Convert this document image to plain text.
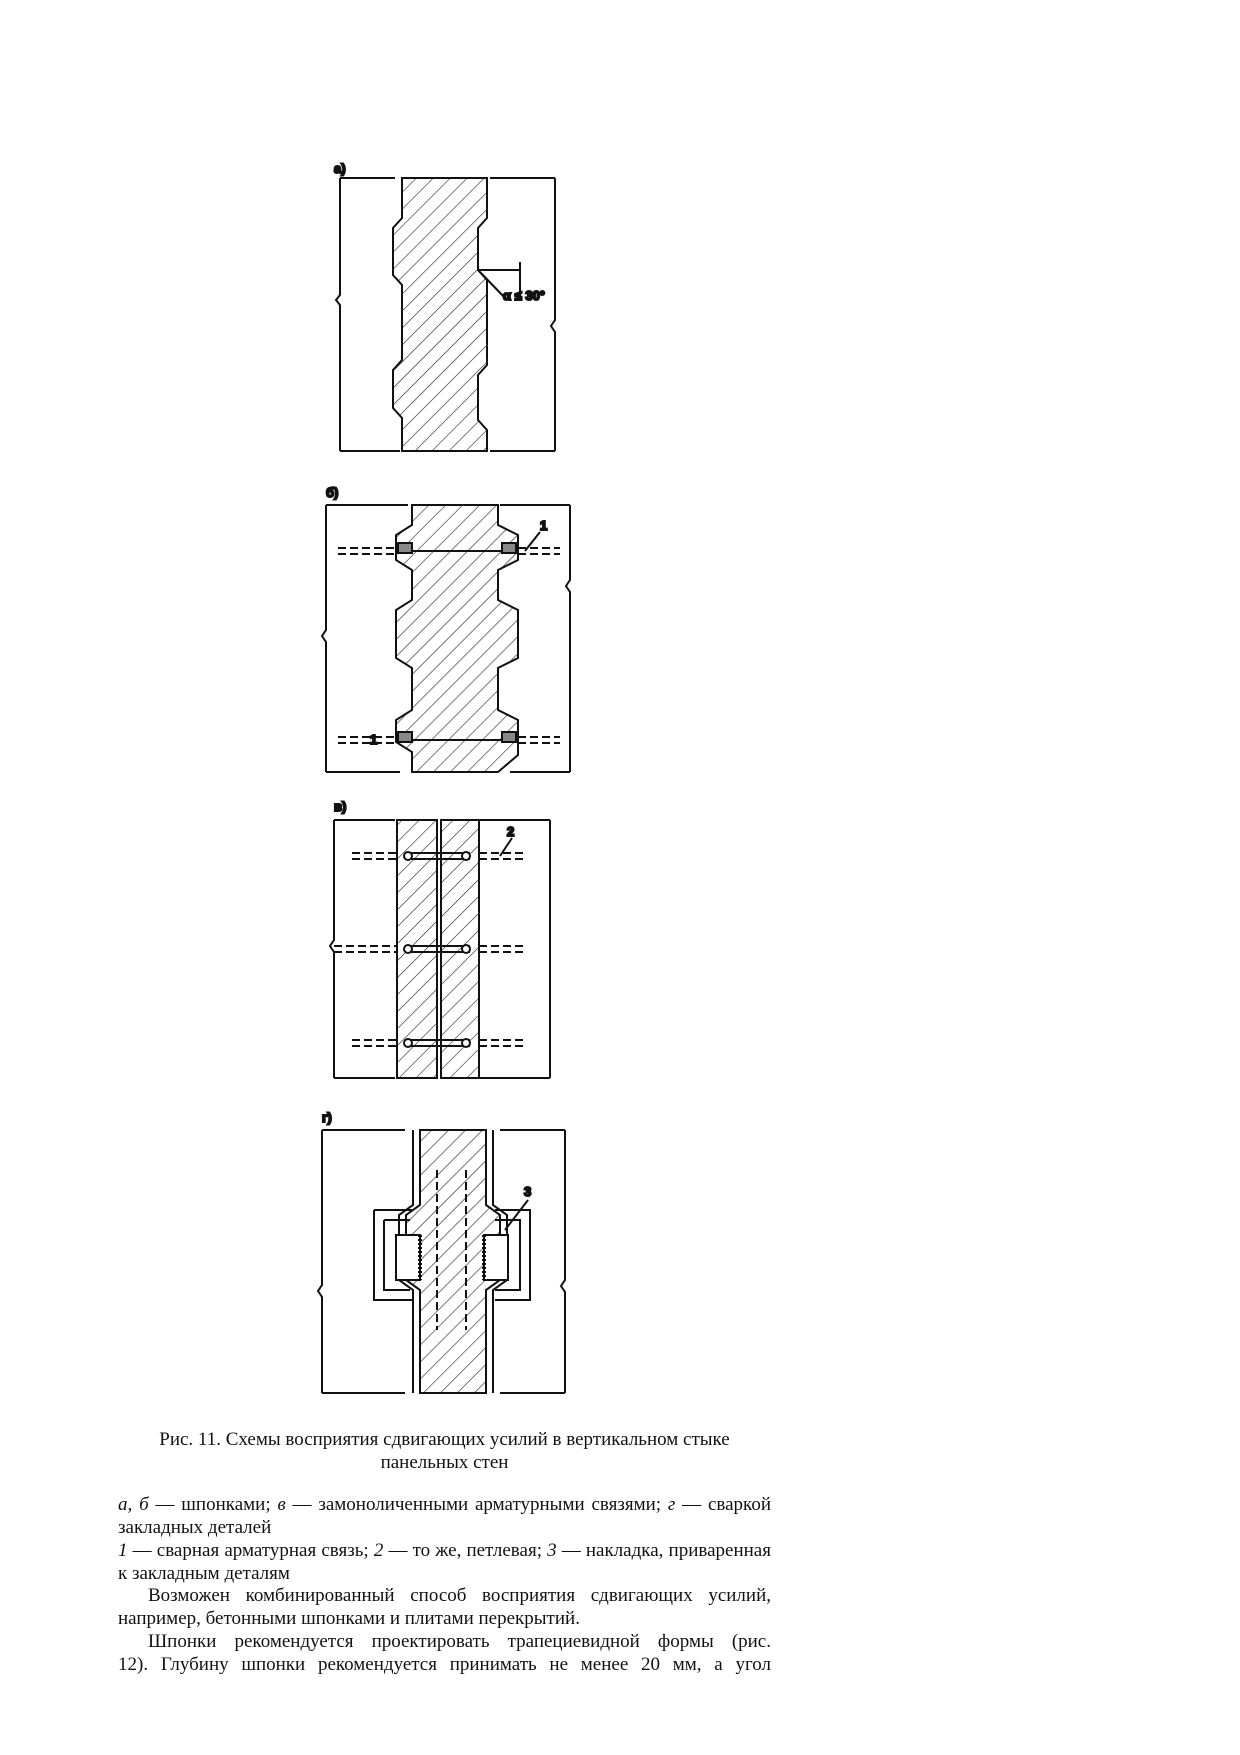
а)
α ≤ 30°
б)
1
1
в)
2
г)
3
Рис. 11. Схемы восприятия сдвигающих усилий в вертикальном стыке
панельных стен

а, б — шпонками; в — замоноличенными арматурными связями; г — сваркой закладных деталей

1 — сварная арматурная связь; 2 — то же, петлевая; 3 — накладка, приваренная к закладным деталям

Возможен комбинированный способ восприятия сдвигающих усилий, например, бетонными шпонками и плитами перекрытий.

Шпонки рекомендуется проектировать трапециевидной формы (рис.

12). Глубину шпонки рекомендуется принимать не менее 20 мм, а угол
